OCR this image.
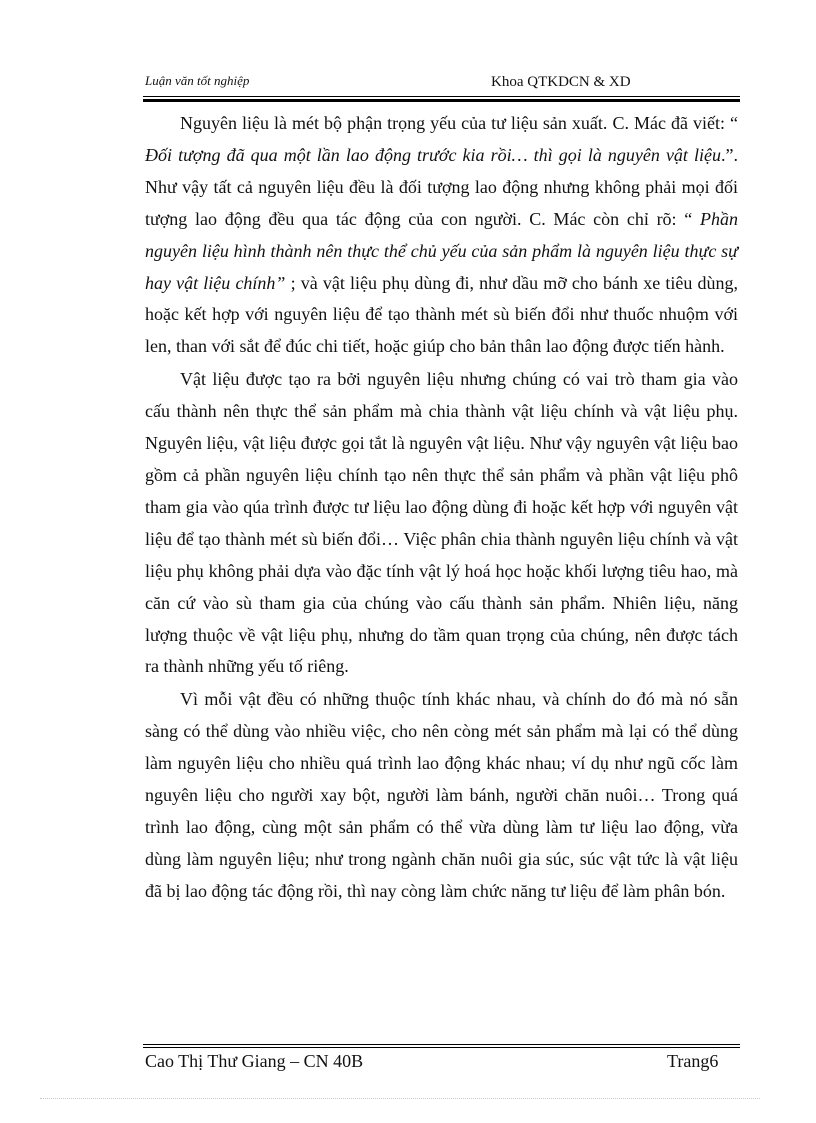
Luận văn tốt nghiệp	Khoa QTKDCN & XD

Nguyên liệu là mét bộ phận trọng yếu của tư liệu sản xuất. C. Mác đã viết: “ Đối tượng đã qua một lần lao động trước kia rồi… thì gọi là nguyên vật liệu.”. Như vậy tất cả nguyên liệu đều là đối tượng lao động nhưng không phải mọi đối tượng lao động đều qua tác động của con người. C. Mác còn chỉ rõ: “ Phần nguyên liệu hình thành nên thực thể chủ yếu của sản phẩm là nguyên liệu thực sự hay vật liệu chính” ; và vật liệu phụ dùng đi, như dầu mỡ cho bánh xe tiêu dùng, hoặc kết hợp với nguyên liệu để tạo thành mét sù biến đổi như thuốc nhuộm với len, than với sắt để đúc chi tiết, hoặc giúp cho bản thân lao động được tiến hành.

Vật liệu được tạo ra bởi nguyên liệu nhưng chúng có vai trò tham gia vào cấu thành nên thực thể sản phẩm mà chia thành vật liệu chính và vật liệu phụ. Nguyên liệu, vật liệu được gọi tắt là nguyên vật liệu. Như vậy nguyên vật liệu bao gồm cả phần nguyên liệu chính tạo nên thực thể sản phẩm và phần vật liệu phô tham gia vào qúa trình được tư liệu lao động dùng đi hoặc kết hợp với nguyên vật liệu để tạo thành mét sù biến đổi… Việc phân chia thành nguyên liệu chính và vật liệu phụ không phải dựa vào đặc tính vật lý hoá học hoặc khối lượng tiêu hao, mà căn cứ vào sù tham gia của chúng vào cấu thành sản phẩm. Nhiên liệu, năng lượng thuộc về vật liệu phụ, nhưng do tầm quan trọng của chúng, nên được tách ra thành những yếu tố riêng.

Vì mỗi vật đều có những thuộc tính khác nhau, và chính do đó mà nó sẵn sàng có thể dùng vào nhiều việc, cho nên còng mét sản phẩm mà lại có thể dùng làm nguyên liệu cho nhiều quá trình lao động khác nhau; ví dụ như ngũ cốc làm nguyên liệu cho người xay bột, người làm bánh, người chăn nuôi… Trong quá trình lao động, cùng một sản phẩm có thể vừa dùng làm tư liệu lao động, vừa dùng làm nguyên liệu; như trong ngành chăn nuôi gia súc, súc vật tức là vật liệu đã bị lao động tác động rồi, thì nay còng làm chức năng tư liệu để làm phân bón.

Cao Thị Thư Giang – CN 40B	Trang6
